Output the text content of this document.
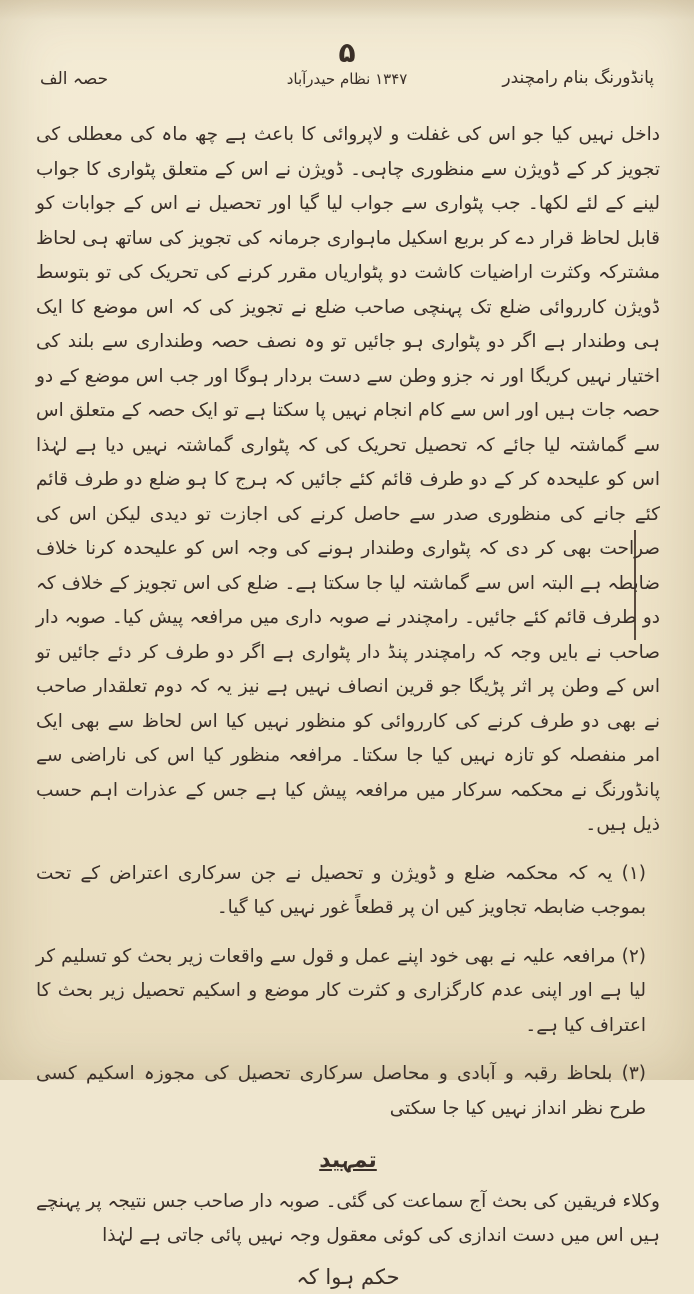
پانڈورنگ بنام رامچندر
۵
۱۳۴۷ نظام حیدرآباد
حصہ الف

داخل نہیں کیا جو اس کی غفلت و لاپروائی کا باعث ہے چھ ماہ کی معطلی کی تجویز کر کے ڈویژن سے منظوری چاہی۔ ڈویژن نے اس کے متعلق پٹواری کا جواب لینے کے لئے لکھا۔ جب پٹواری سے جواب لیا گیا اور تحصیل نے اس کے جوابات کو قابل لحاظ قرار دے کر بربع اسکیل ماہواری جرمانہ کی تجویز کی ساتھ ہی لحاظ مشترکہ وکثرت اراضیات کاشت دو پٹواریاں مقرر کرنے کی تحریک کی تو بتوسط ڈویژن کارروائی ضلع تک پہنچی صاحب ضلع نے تجویز کی کہ اس موضع کا ایک ہی وطندار ہے اگر دو پٹواری ہو جائیں تو وہ نصف حصہ وطنداری سے بلند کی اختیار نہیں کریگا اور نہ جزو وطن سے دست بردار ہوگا اور جب اس موضع کے دو حصہ جات ہیں اور اس سے کام انجام نہیں پا سکتا ہے تو ایک حصہ کے متعلق اس سے گماشتہ لیا جائے کہ تحصیل تحریک کی کہ پٹواری گماشتہ نہیں دیا ہے لہٰذا اس کو علیحدہ کر کے دو طرف قائم کئے جائیں کہ ہرج کا ہو ضلع دو طرف قائم کئے جانے کی منظوری صدر سے حاصل کرنے کی اجازت تو دیدی لیکن اس کی صراحت بھی کر دی کہ پٹواری وطندار ہونے کی وجہ اس کو علیحدہ کرنا خلاف ضابطہ ہے البتہ اس سے گماشتہ لیا جا سکتا ہے۔ ضلع کی اس تجویز کے خلاف کہ دو طرف قائم کئے جائیں۔ رامچندر نے صوبہ داری میں مرافعہ پیش کیا۔ صوبہ دار صاحب نے بایں وجہ کہ رامچندر پنڈ دار پٹواری ہے اگر دو طرف کر دئے جائیں تو اس کے وطن پر اثر پڑیگا جو قرین انصاف نہیں ہے نیز یہ کہ دوم تعلقدار صاحب نے بھی دو طرف کرنے کی کارروائی کو منظور نہیں کیا اس لحاظ سے بھی ایک امر منفصلہ کو تازہ نہیں کیا جا سکتا۔ مرافعہ منظور کیا اس کی ناراضی سے پانڈورنگ نے محکمہ سرکار میں مرافعہ پیش کیا ہے جس کے عذرات اہم حسب ذیل ہیں۔

(۱) یہ کہ محکمہ ضلع و ڈویژن و تحصیل نے جن سرکاری اعتراض کے تحت بموجب ضابطہ تجاویز کیں ان پر قطعاً غور نہیں کیا گیا۔

(۲) مرافعہ علیہ نے بھی خود اپنے عمل و قول سے واقعات زیر بحث کو تسلیم کر لیا ہے اور اپنی عدم کارگزاری و کثرت کار موضع و اسکیم تحصیل زیر بحث کا اعتراف کیا ہے۔

(۳) بلحاظ رقبہ و آبادی و محاصل سرکاری تحصیل کی مجوزہ اسکیم کسی طرح نظر انداز نہیں کیا جا سکتی

تمہید

وکلاء فریقین کی بحث آج سماعت کی گئی۔ صوبہ دار صاحب جس نتیجہ پر پہنچے ہیں اس میں دست اندازی کی کوئی معقول وجہ نہیں پائی جاتی ہے لہٰذا

حکم ہوا کہ
